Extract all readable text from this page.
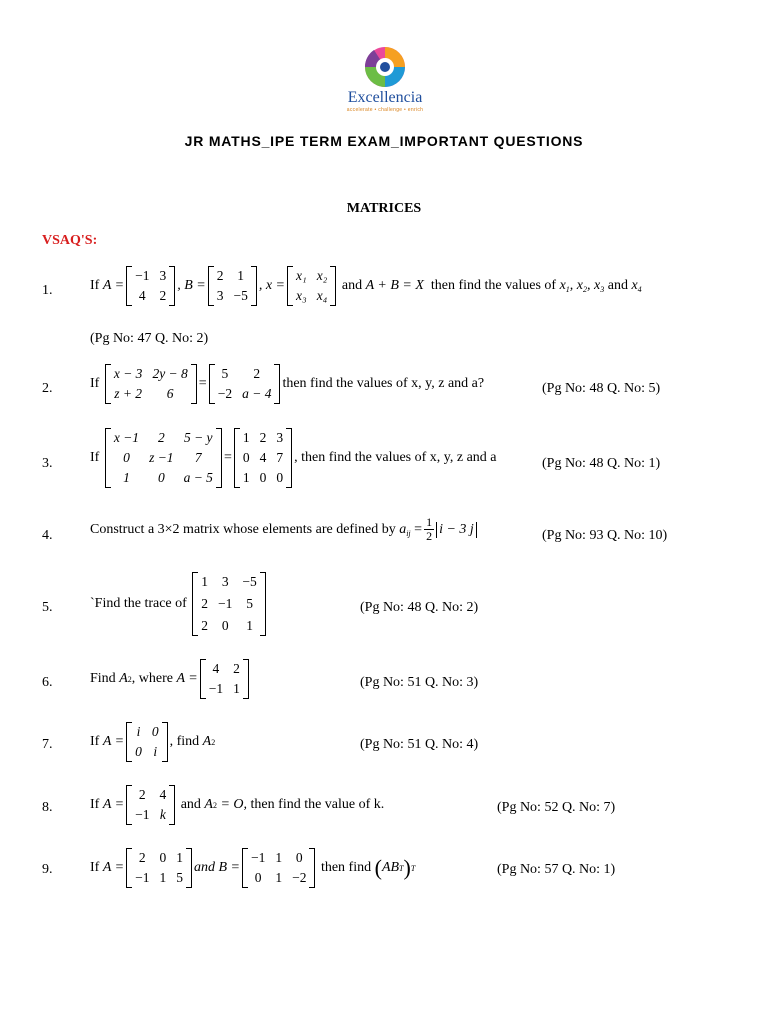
Excellencia
accelerate • challenge • enrich
JR MATHS_IPE TERM EXAM_IMPORTANT QUESTIONS
MATRICES
VSAQ'S:
1.	If
A =
−1 3
4 2
, B =
2 1
3 −5
, x =
x₁ x₂
x₃ x₄

and
A + B = X
then find the values of
$x_1$, $x_2$, $x_3$
and
$x_4$
(Pg No: 47 Q. No: 2)
2.	If

x − 3 2y − 8
z + 2	6
=
5	2
−2 a − 4
then find the values of x, y, z and a?	(Pg No: 48 Q. No: 5)
3.	If

x −1	2	5 − y
0	z −1	7
1	0	a − 5
=
1 2 3
0 4 7
1 0 0
, then find the values of x, y, z and a	(Pg No: 48 Q. No: 1)
4.	Construct a 3×2 matrix whose elements are defined by
$a_{ij}$
= $\frac{1}{2}$ i − 3 j	(Pg No: 93 Q. No: 10)
5.	`Find the trace of

1 3 −5
2 −1 5
2 0 1
(Pg No: 48 Q. No: 2)
6.	Find
A 2 , where
A =
4 2
−1 1	(Pg No: 51 Q. No: 3)
7.	If
A =
i 0
0 i
, find
A 2	(Pg No: 51 Q. No: 4)
8.	If
A =
2 4
−1 k

and
A 2
= O,
then find the value of k.	(Pg No: 52 Q. No: 7)
9.	If
A =
2 0 1
−1 1 5
and B =
−1 1 0
0 1 −2

then find
( AB T ) T	(Pg No: 57 Q. No: 1)
